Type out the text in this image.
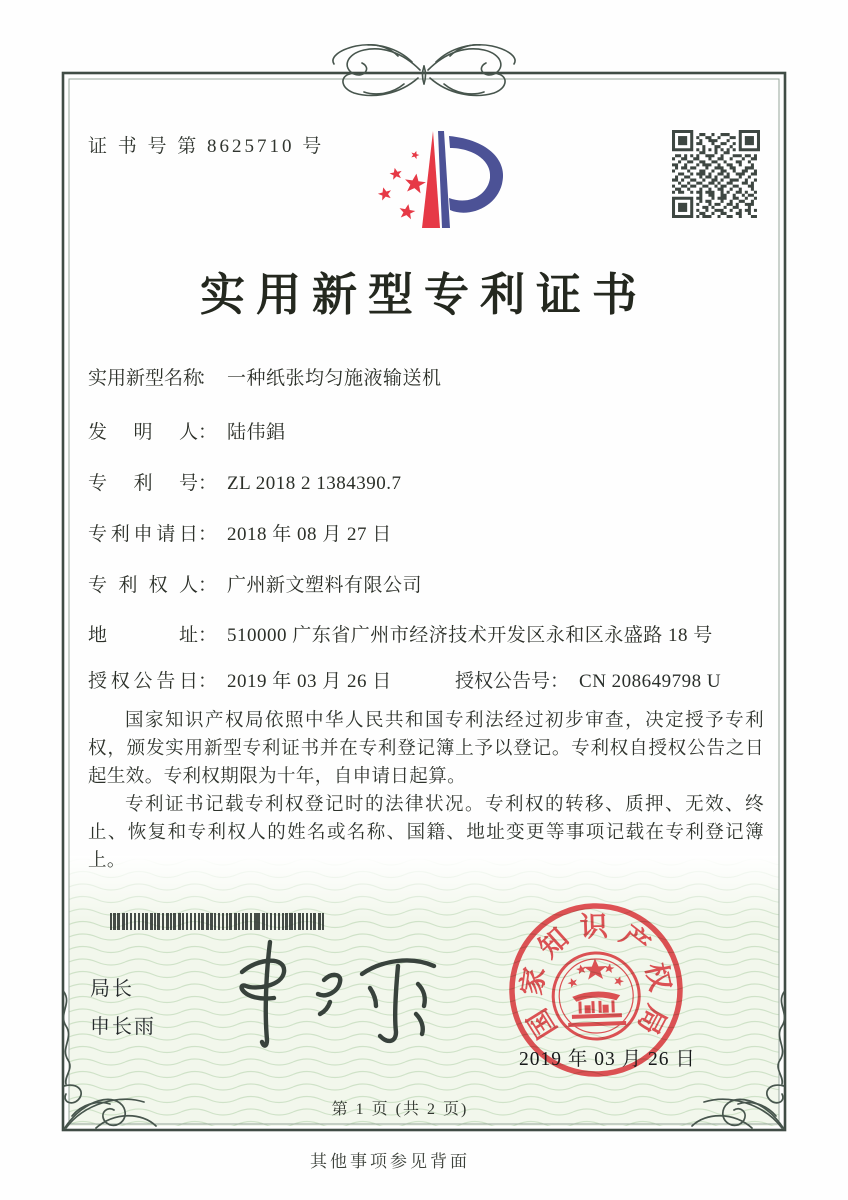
证 书 号 第 8625710 号
实用新型专利证书
实用新型名称： 一种纸张均匀施液输送机
发明人： 陆伟錩
专利号： ZL 2018 2 1384390.7
专利申请日： 2018 年 08 月 27 日
专利权人： 广州新文塑料有限公司
地址： 510000 广东省广州市经济技术开发区永和区永盛路 18 号
授权公告日： 2019 年 03 月 26 日	授权公告号： CN 208649798 U

国家知识产权局依照中华人民共和国专利法经过初步审查，决定授予专利权，颁发实用新型专利证书并在专利登记簿上予以登记。专利权自授权公告之日起生效。专利权期限为十年，自申请日起算。

专利证书记载专利权登记时的法律状况。专利权的转移、质押、无效、终止、恢复和专利权人的姓名或名称、国籍、地址变更等事项记载在专利登记簿上。

局长
申长雨	国
家
知 识 产
权
局
2019 年 03 月 26 日
第 1 页 (共 2 页)
其他事项参见背面
